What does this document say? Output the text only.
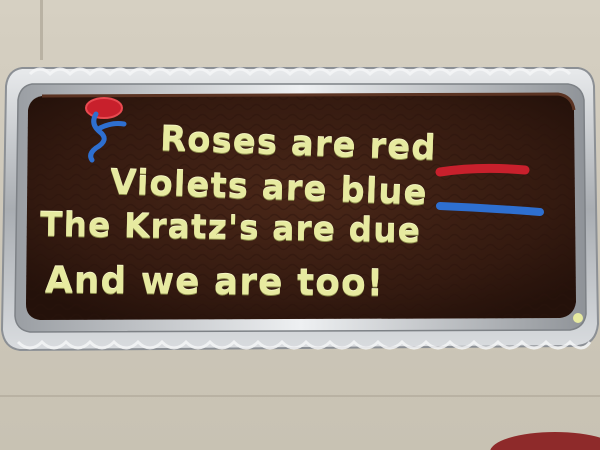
Roses are red
Violets are blue
The Kratz's are due
And we are too!
